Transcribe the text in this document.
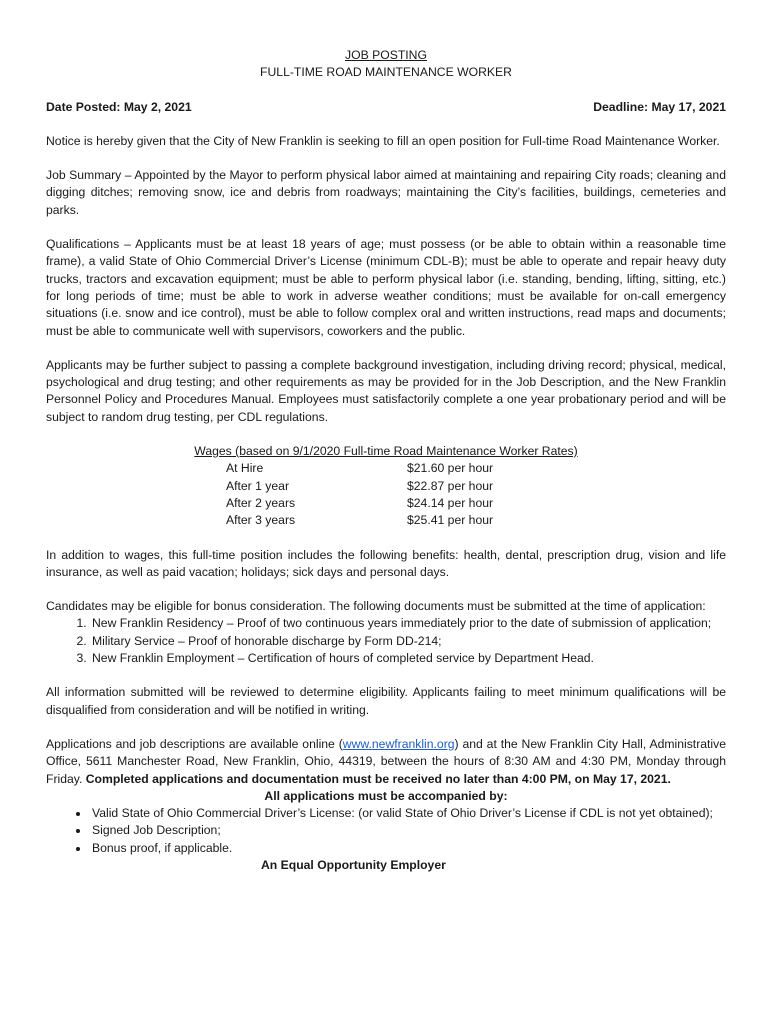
JOB POSTING
FULL-TIME ROAD MAINTENANCE WORKER
Date Posted: May 2, 2021	Deadline: May 17, 2021

Notice is hereby given that the City of New Franklin is seeking to fill an open position for Full-time Road Maintenance Worker.

Job Summary – Appointed by the Mayor to perform physical labor aimed at maintaining and repairing City roads; cleaning and digging ditches; removing snow, ice and debris from roadways; maintaining the City’s facilities, buildings, cemeteries and parks.

Qualifications – Applicants must be at least 18 years of age; must possess (or be able to obtain within a reasonable time frame), a valid State of Ohio Commercial Driver’s License (minimum CDL-B); must be able to operate and repair heavy duty trucks, tractors and excavation equipment; must be able to perform physical labor (i.e. standing, bending, lifting, sitting, etc.) for long periods of time; must be able to work in adverse weather conditions; must be available for on-call emergency situations (i.e. snow and ice control), must be able to follow complex oral and written instructions, read maps and documents; must be able to communicate well with supervisors, coworkers and the public.

Applicants may be further subject to passing a complete background investigation, including driving record; physical, medical, psychological and drug testing; and other requirements as may be provided for in the Job Description, and the New Franklin Personnel Policy and Procedures Manual. Employees must satisfactorily complete a one year probationary period and will be subject to random drug testing, per CDL regulations.

Wages (based on 9/1/2020 Full-time Road Maintenance Worker Rates)
At Hire	$21.60 per hour
After 1 year	$22.87 per hour
After 2 years	$24.14 per hour
After 3 years	$25.41 per hour

In addition to wages, this full-time position includes the following benefits: health, dental, prescription drug, vision and life insurance, as well as paid vacation; holidays; sick days and personal days.

Candidates may be eligible for bonus consideration. The following documents must be submitted at the time of application:

1. New Franklin Residency – Proof of two continuous years immediately prior to the date of submission of application;
2. Military Service – Proof of honorable discharge by Form DD-214;
3. New Franklin Employment – Certification of hours of completed service by Department Head.

All information submitted will be reviewed to determine eligibility. Applicants failing to meet minimum qualifications will be disqualified from consideration and will be notified in writing.

Applications and job descriptions are available online (www.newfranklin.org) and at the New Franklin City Hall, Administrative Office, 5611 Manchester Road, New Franklin, Ohio, 44319, between the hours of 8:30 AM and 4:30 PM, Monday through Friday. Completed applications and documentation must be received no later than 4:00 PM, on May 17, 2021.

All applications must be accompanied by:
• Valid State of Ohio Commercial Driver’s License: (or valid State of Ohio Driver’s License if CDL is not yet obtained);
• Signed Job Description;
• Bonus proof, if applicable.
An Equal Opportunity Employer
